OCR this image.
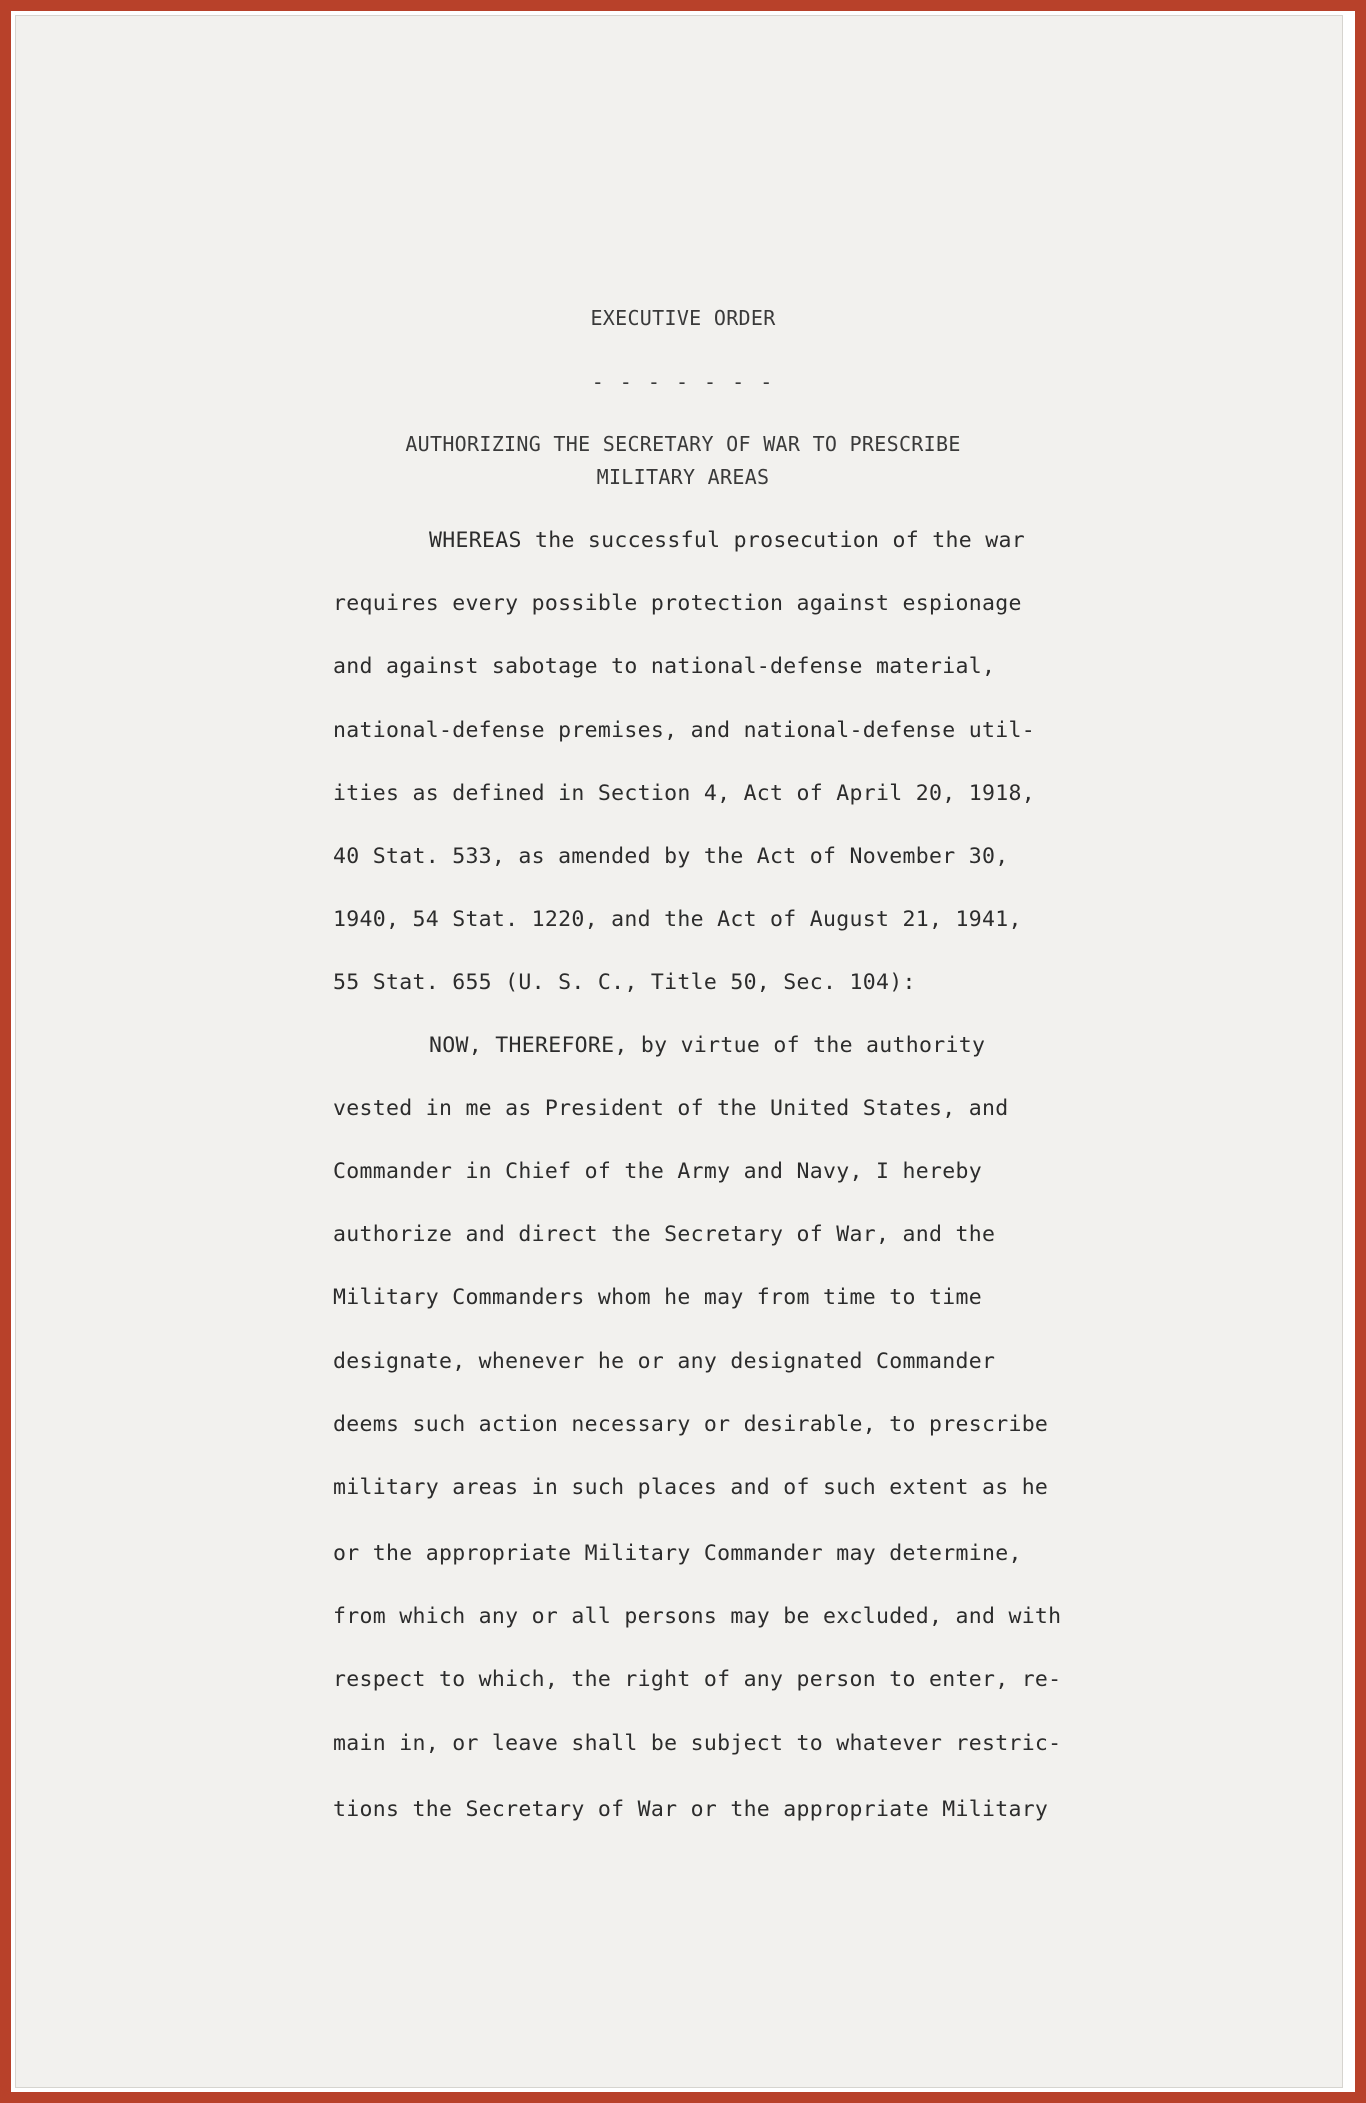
EXECUTIVE ORDER
- - - - - - -
AUTHORIZING THE SECRETARY OF WAR TO PRESCRIBE
MILITARY AREAS
WHEREAS the successful prosecution of the war
requires every possible protection against espionage
and against sabotage to national-defense material,
national-defense premises, and national-defense util-
ities as defined in Section 4, Act of April 20, 1918,
40 Stat. 533, as amended by the Act of November 30,
1940, 54 Stat. 1220, and the Act of August 21, 1941,
55 Stat. 655 (U. S. C., Title 50, Sec. 104):
NOW, THEREFORE, by virtue of the authority
vested in me as President of the United States, and
Commander in Chief of the Army and Navy, I hereby
authorize and direct the Secretary of War, and the
Military Commanders whom he may from time to time
designate, whenever he or any designated Commander
deems such action necessary or desirable, to prescribe
military areas in such places and of such extent as he
or the appropriate Military Commander may determine,
from which any or all persons may be excluded, and with
respect to which, the right of any person to enter, re-
main in, or leave shall be subject to whatever restric-
tions the Secretary of War or the appropriate Military
